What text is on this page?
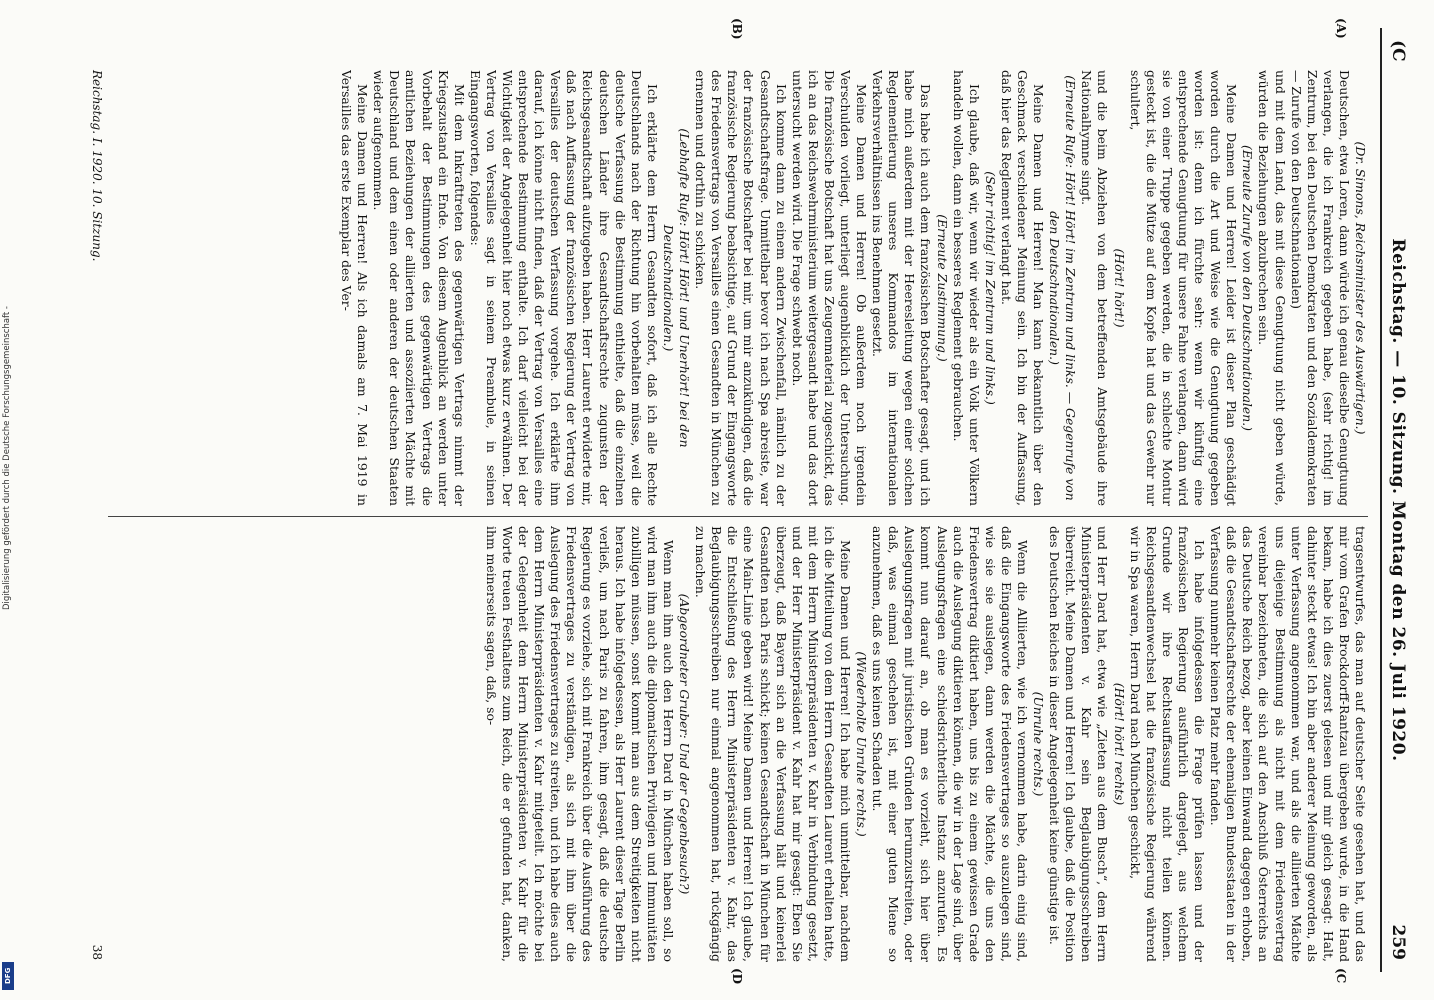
(C
Reichstag. — 10. Sitzung. Montag den 26. Juli 1920.
259
(A)
(B)
(C
(D

(Dr. Simons, Reichsminister des Auswärtigen.)

Deutschen, etwa Loren, dann würde ich genau dieselbe Genugtuung verlangen, die ich Frankreich gegeben habe, (sehr richtig! im Zentrum, bei den Deutschen Demokraten und den Sozialdemokraten — Zurufe von den Deutschnationalen)

und mit dem Land, das mit diese Genugtuung nicht geben würde, würden die Beziehungen abzubrechen sein.

(Erneute Zurufe von den Deutschnationalen.)

Meine Damen und Herren! Leider ist dieser Plan geschädigt worden durch die Art und Weise wie die Genugtuung gegeben worden ist: denn ich fürchte sehr: wenn wir künftig eine entsprechende Genugtuung für unsere Fahne verlangen, dann wird sie von einer Truppe gegeben werden, die in schlechte Montur gesteckt ist, die die Mütze auf dem Kopfe hat und das Gewehr nur schultert,

(Hört! hört!)

und die beim Abziehen von dem betreffenden Amtsgebäude ihre Nationalhymne singt.

(Erneute Rufe: Hört! Hört! im Zentrum und links. — Gegenrufe von den Deutschnationalen.)

Meine Damen und Herren! Man kann bekanntlich über den Geschmack verschiedener Meinung sein. Ich bin der Auffassung, daß hier das Reglement verlangt hat.

(Sehr richtig! im Zentrum und links.)

Ich glaube, daß wir, wenn wir wieder als ein Volk unter Völkern handeln wollen, dann ein besseres Reglement gebrauchen.

(Erneute Zustimmung.)

Das habe ich auch dem französischen Botschafter gesagt, und ich habe mich außerdem mit der Heeresleitung wegen einer solchen Reglementierung unseres Kommandos im internationalen Verkehrsverhältnissen ins Benehmen gesetzt.

Meine Damen und Herren! Ob außerdem noch irgendein Verschulden vorliegt, unterliegt augenblicklich der Untersuchung. Die französische Botschaft hat uns Zeugenmaterial zugeschickt, das ich an das Reichswehrministerium weitergesandt habe und das dort untersucht werden wird. Die Frage schwebt noch.

Ich komme dann zu einem andern Zwischenfall, nämlich zu der Gesandtschaftsfrage. Unmittelbar bevor ich nach Spa abreiste, war der französische Botschafter bei mir, um mir anzukündigen, daß die französische Regierung beabsichtige, auf Grund der Eingangsworte des Friedensvertrags von Versailles einen Gesandten in München zu ernennen und dorthin zu schicken.

(Lebhafte Rufe: Hört! Hört! und Unerhört! bei den Deutschnationalen.)

Ich erklärte dem Herrn Gesandten sofort, daß ich alle Rechte Deutschlands nach der Richtung hin vorbehalten müsse, weil die deutsche Verfassung die Bestimmung enthielte, daß die einzelnen deutschen Länder ihre Gesandtschaftsrechte zugunsten der Reichsgesandtschaft aufzugeben haben. Herr Laurent erwiderte mir, daß nach Auffassung der französischen Regierung der Vertrag von Versailles der deutschen Verfassung vorgehe. Ich erklärte ihm darauf, ich könne nicht finden, daß der Vertrag von Versailles eine entsprechende Bestimmung enthalte. Ich darf vielleicht bei der Wichtigkeit der Angelegenheit hier noch etwas kurz erwähnen. Der Vertrag von Versailles sagt in seinem Preambule, in seinen Eingangsworten, folgendes:

Mit dem Inkrafttreten des gegenwärtigen Vertrags nimmt der Kriegszustand ein Ende. Von diesem Augenblick an werden unter Vorbehalt der Bestimmungen des gegenwärtigen Vertrags die amtlichen Beziehungen der alliierten und assoziierten Mächte mit Deutschland und dem einen oder anderen der deutschen Staaten wieder aufgenommen.

Meine Damen und Herren! Als ich damals am 7. Mai 1919 in Versailles das erste Exemplar des Ver-

tragsentwurfes, das man auf deutscher Seite gesehen hat, und das mir vom Grafen Brockdorff-Rantzau übergeben wurde, in die Hand bekam, habe ich dies zuerst gelesen und mir gleich gesagt: Halt, dahinter steckt etwas! Ich bin aber anderer Meinung geworden, als unter Verfassung angenommen war, und als die alliierten Mächte uns diejenige Bestimmung als nicht mit dem Friedensvertrag vereinbar bezeichneten, die sich auf den Anschluß Österreichs an das Deutsche Reich bezog, aber keinen Einwand dagegen erhoben, daß die Gesandtschaftsrechte der ehemaligen Bundesstaaten in der Verfassung nunmehr keinen Platz mehr fanden.

Ich habe infolgedessen die Frage prüfen lassen und der französischen Regierung ausführlich dargelegt, aus welchem Grunde wir ihre Rechtsauffassung nicht teilen können. Reichsgesandtenwechsel hat die französische Regierung während wir in Spa waren, Herrn Dard nach München geschickt,

(Hört! hört! rechts)

und Herr Dard hat, etwa wie „Zieten aus dem Busch“, dem Herrn Ministerpräsidenten v. Kahr sein Beglaubigungsschreiben überreicht. Meine Damen und Herren! Ich glaube, daß die Position des Deutschen Reiches in dieser Angelegenheit keine günstige ist.

(Unruhe rechts.)

Wenn die Alliierten, wie ich vernommen habe, darin einig sind, daß die Eingangsworte des Friedensvertrages so auszulegen sind, wie sie sie auslegen, dann werden die Mächte, die uns den Friedensvertrag diktiert haben, uns bis zu einem gewissen Grade auch die Auslegung diktieren können, die wir in der Lage sind, über Auslegungsfragen eine schiedsrichterliche Instanz anzurufen. Es kommt nun darauf an, ob man es vorzieht, sich hier über Auslegungsfragen mit juristischen Gründen herumzustreiten, oder daß, was einmal geschehen ist, mit einer guten Miene so anzunehmen, daß es uns keinen Schaden tut.

(Wiederholte Unruhe rechts.)

Meine Damen und Herren! Ich habe mich unmittelbar, nachdem ich die Mitteilung von dem Herrn Gesandten Laurent erhalten hatte, mit dem Herrn Ministerpräsidenten v. Kahr in Verbindung gesetzt, und der Herr Ministerpräsident v. Kahr hat mir gesagt: Eben Sie überzeugt, daß Bayern sich an die Verfassung hält und keinerlei Gesandten nach Paris schickt; keinen Gesandtschaft in München für eine Main-Linie geben wird! Meine Damen und Herren! Ich glaube, die Entschließung des Herrn Ministerpräsidenten v. Kahr, das Beglaubigungsschreiben nur einmal angenommen hat, rückgängig zu machen.

(Abgeordneter Gruber: Und der Gegenbesuch?)

Wenn man ihm auch den Herrn Dard in München haben soll, so wird man ihm auch die diplomatischen Privilegien und Immunitäten zubilligen müssen, sonst kommt man aus dem Streitigkeiten nicht heraus. Ich habe infolgedessen, als Herr Laurent dieser Tage Berlin verließ, um nach Paris zu fahren, ihm gesagt, daß die deutsche Regierung es vorziehe, sich mit Frankreich über die Ausführung des Friedensvertrages zu verständigen, als sich mit ihm über die Auslegung des Friedensvertrages zu streiten, und ich habe dies auch dem Herrn Ministerpräsidenten v. Kahr mitgeteilt. Ich möchte bei der Gelegenheit dem Herrn Ministerpräsidenten v. Kahr für die Worte treuen Festhaltens zum Reich, die er gefunden hat, danken, ihm meinerseits sagen, daß, so-

Reichstag. I. 1920. 10. Sitzung.
38
Digitalisierung gefördert durch die Deutsche Forschungsgemeinschaft -
DFG
